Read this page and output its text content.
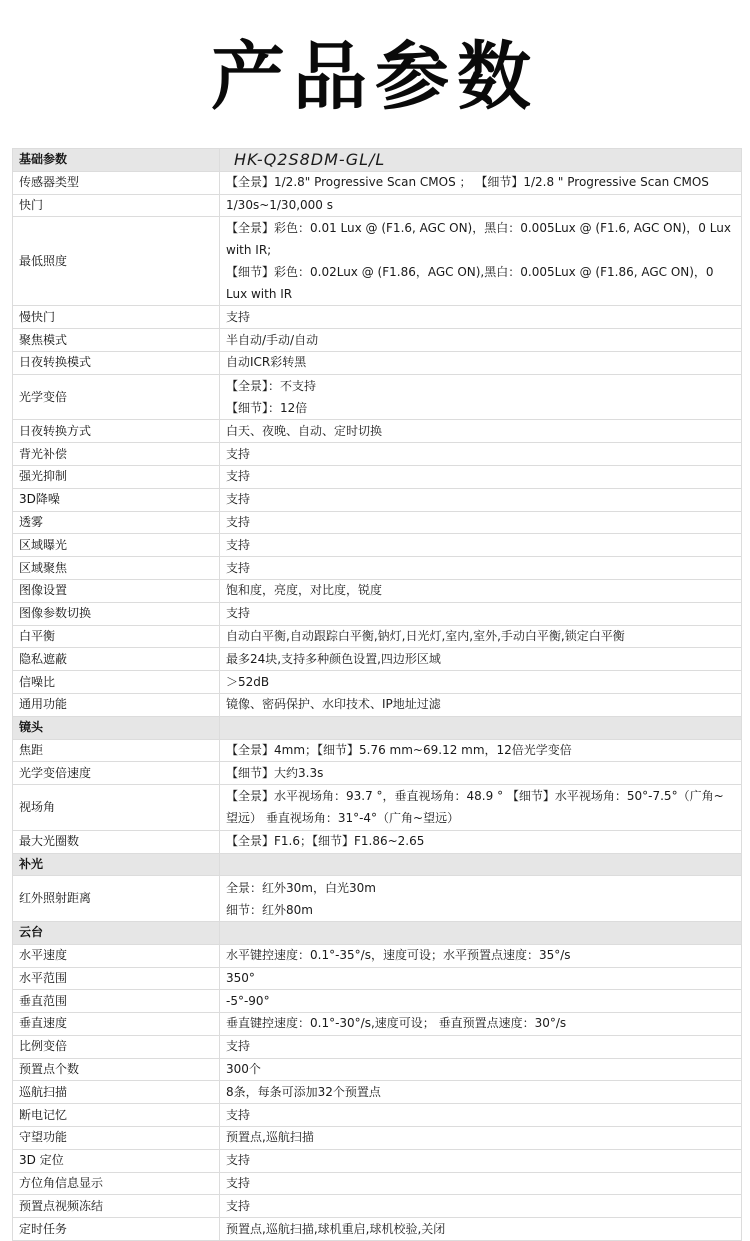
产品参数
基础参数	HK-Q2S8DM-GL/L
传感器类型	【全景】1/2.8" Progressive Scan CMOS ； 【细节】1/2.8 " Progressive Scan CMOS

快门	1/30s~1/30,000 s

最低照度	【全景】彩色：0.01 Lux @ (F1.6, AGC ON)，黑白：0.005Lux @ (F1.6, AGC ON)，0 Lux with IR;
【细节】彩色：0.02Lux @ (F1.86，AGC ON),黑白：0.005Lux @ (F1.86, AGC ON)，0 Lux with IR

慢快门	支持

聚焦模式	半自动/手动/自动

日夜转换模式	自动ICR彩转黑

光学变倍	【全景】：不支持
【细节】：12倍

日夜转换方式	白天、夜晚、自动、定时切换

背光补偿	支持

强光抑制	支持

3D降噪	支持

透雾	支持

区域曝光	支持

区域聚焦	支持

图像设置	饱和度，亮度，对比度，锐度

图像参数切换	支持

白平衡	自动白平衡,自动跟踪白平衡,钠灯,日光灯,室内,室外,手动白平衡,锁定白平衡

隐私遮蔽	最多24块,支持多种颜色设置,四边形区域

信噪比	＞52dB

通用功能	镜像、密码保护、水印技术、IP地址过滤

镜头	
焦距	【全景】4mm；【细节】5.76 mm~69.12 mm，12倍光学变倍

光学变倍速度	【细节】大约3.3s

视场角	【全景】水平视场角：93.7 °，垂直视场角：48.9 ° 【细节】水平视场角：50°-7.5°（广角~
望远） 垂直视场角：31°-4°（广角~望远）

最大光圈数	【全景】F1.6；【细节】F1.86~2.65

补光	
红外照射距离	全景：红外30m，白光30m
细节：红外80m

云台	
水平速度	水平键控速度：0.1°-35°/s，速度可设；水平预置点速度：35°/s

水平范围	350°

垂直范围	-5°-90°

垂直速度	垂直键控速度：0.1°-30°/s,速度可设； 垂直预置点速度：30°/s

比例变倍	支持

预置点个数	300个

巡航扫描	8条，每条可添加32个预置点

断电记忆	支持

守望功能	预置点,巡航扫描

3D 定位	支持

方位角信息显示	支持

预置点视频冻结	支持

定时任务	预置点,巡航扫描,球机重启,球机校验,关闭
